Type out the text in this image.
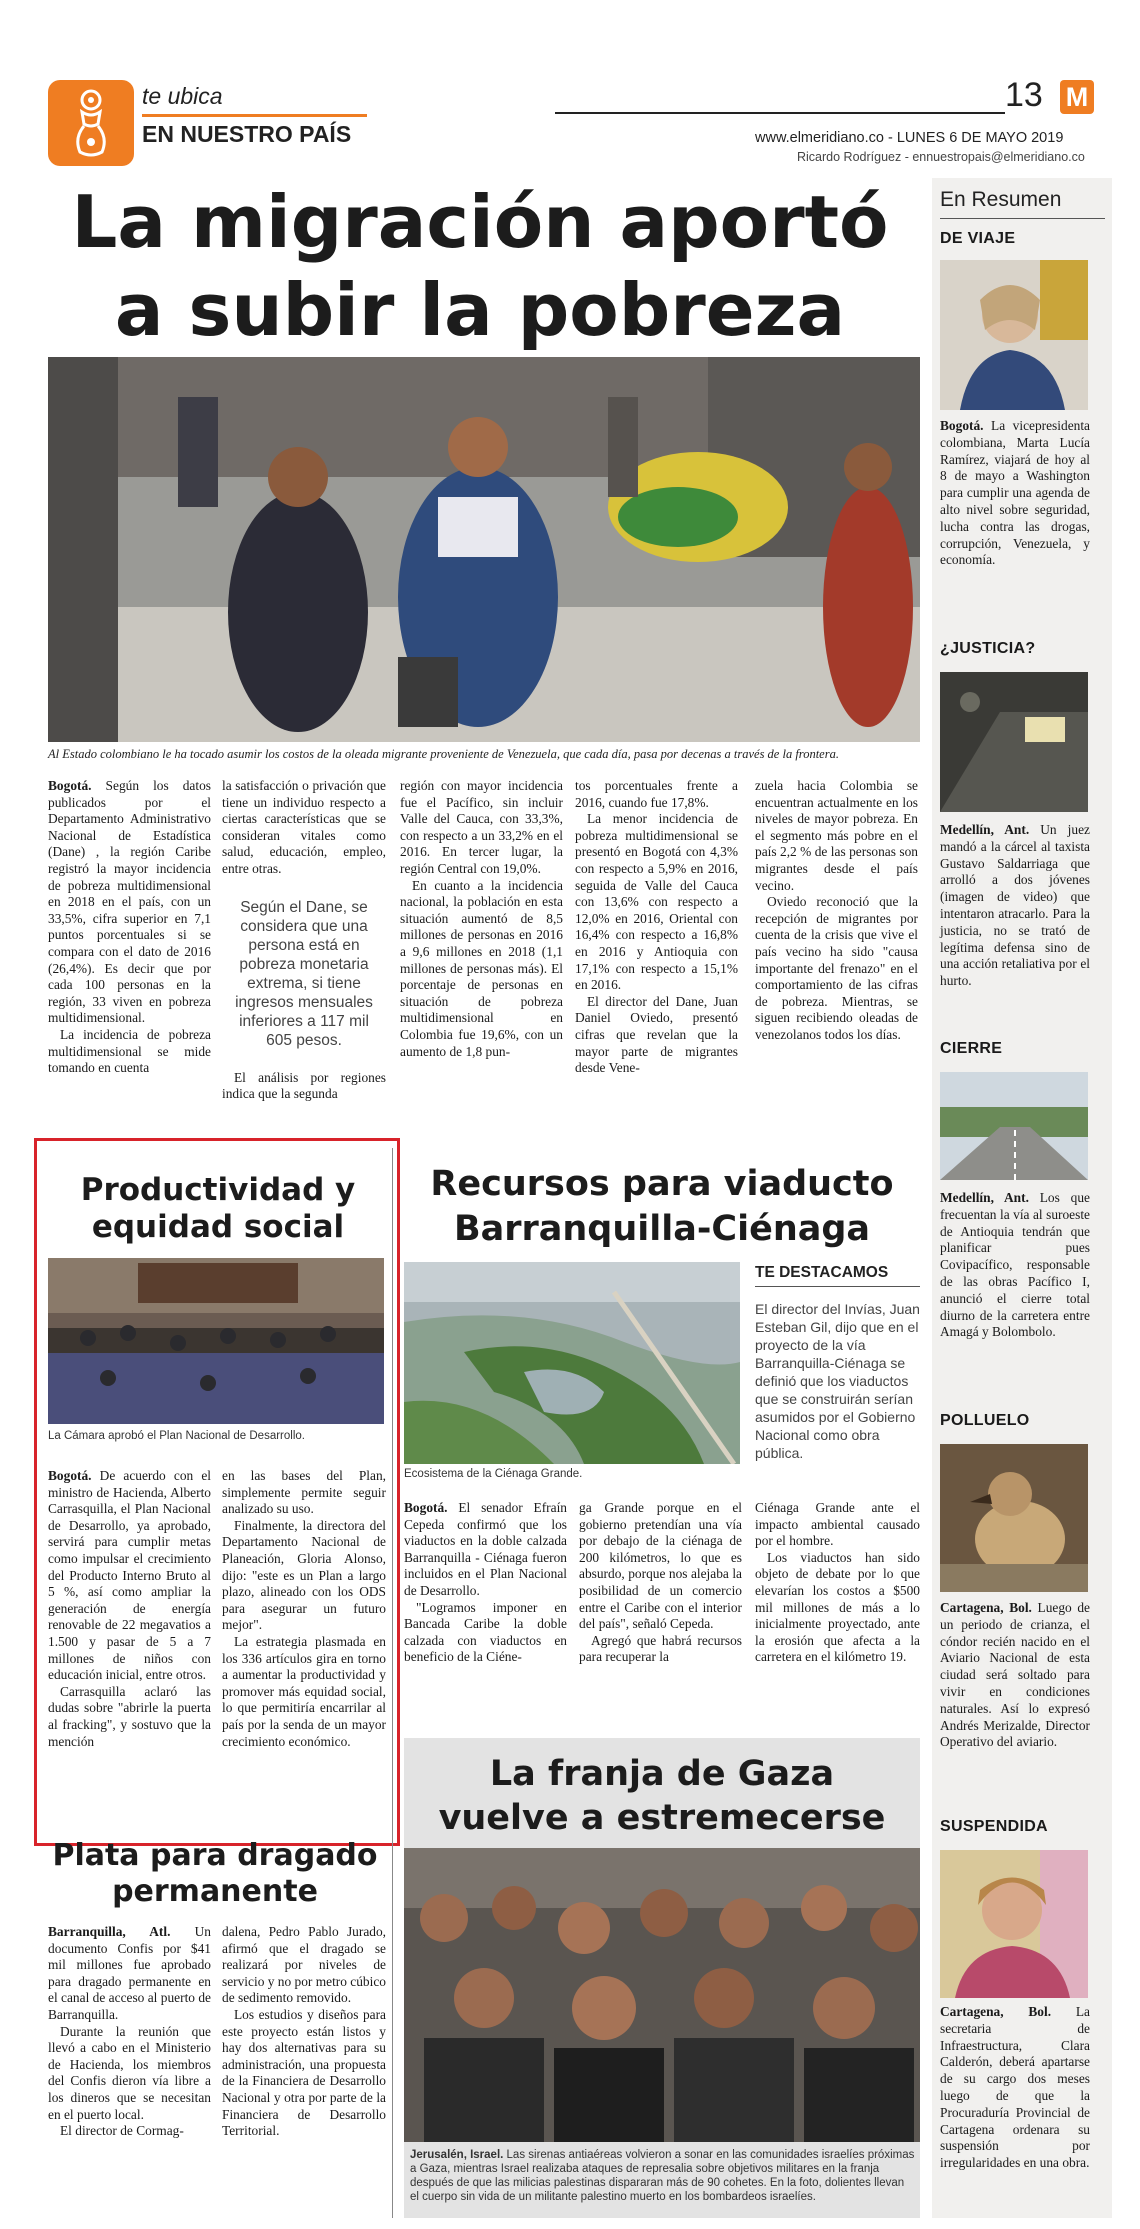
te ubica
EN NUESTRO PAÍS
13 M
www.elmeridiano.co - LUNES 6 DE MAYO 2019
Ricardo Rodríguez - ennuestropais@elmeridiano.co
La migración aportó
a subir la pobreza
Al Estado colombiano le ha tocado asumir los costos de la oleada migrante proveniente de Venezuela, que cada día, pasa por decenas a través de la frontera.

Bogotá. Según los datos publicados por el Departamento Administrativo Nacional de Estadística (Dane) , la región Caribe registró la mayor incidencia de pobreza multidimensional en 2018 en el país, con un 33,5%, cifra superior en 7,1 puntos porcentuales si se compara con el dato de 2016 (26,4%). Es decir que por cada 100 personas en la región, 33 viven en pobreza multidimensional.

La incidencia de pobreza multidimensional se mide tomando en cuenta

la satisfacción o privación que tiene un individuo respecto a ciertas características que se consideran vitales como salud, educación, empleo, entre otras.

Según el Dane, se considera que una persona está en pobreza monetaria extrema, si tiene ingresos mensuales inferiores a 117 mil 605 pesos.

El análisis por regiones indica que la segunda

región con mayor incidencia fue el Pacífico, sin incluir Valle del Cauca, con 33,3%, con respecto a un 33,2% en el 2016. En tercer lugar, la región Central con 19,0%.

En cuanto a la incidencia nacional, la población en esta situación aumentó de 8,5 millones de personas en 2016 a 9,6 millones en 2018 (1,1 millones de personas más). El porcentaje de personas en situación de pobreza multidimensional en Colombia fue 19,6%, con un aumento de 1,8 pun-

tos porcentuales frente a 2016, cuando fue 17,8%.

La menor incidencia de pobreza multidimensional se presentó en Bogotá con 4,3% con respecto a 5,9% en 2016, seguida de Valle del Cauca con 13,6% con respecto a 12,0% en 2016, Oriental con 16,4% con respecto a 16,8% en 2016 y Antioquia con 17,1% con respecto a 15,1% en 2016.

El director del Dane, Juan Daniel Oviedo, presentó cifras que revelan que la mayor parte de migrantes desde Vene-

zuela hacia Colombia se encuentran actualmente en los niveles de mayor pobreza. En el segmento más pobre en el país 2,2 % de las personas son migrantes desde el país vecino.

Oviedo reconoció que la recepción de migrantes por cuenta de la crisis que vive el país vecino ha sido "causa importante del frenazo" en el comportamiento de las cifras de pobreza. Mientras, se siguen recibiendo oleadas de venezolanos todos los días.

Productividad y
equidad social
La Cámara aprobó el Plan Nacional de Desarrollo.

Bogotá. De acuerdo con el ministro de Hacienda, Alberto Carrasquilla, el Plan Nacional de Desarrollo, ya aprobado, servirá para cumplir metas como impulsar el crecimiento del Producto Interno Bruto al 5 %, así como ampliar la generación de energía renovable de 22 megavatios a 1.500 y pasar de 5 a 7 millones de niños con educación inicial, entre otros.

Carrasquilla aclaró las dudas sobre "abrirle la puerta al fracking", y sostuvo que la mención

en las bases del Plan, simplemente permite seguir analizado su uso.

Finalmente, la directora del Departamento Nacional de Planeación, Gloria Alonso, dijo: "este es un Plan a largo plazo, alineado con los ODS para asegurar un futuro mejor".

La estrategia plasmada en los 336 artículos gira en torno a aumentar la productividad y promover más equidad social, lo que permitiría encarrilar al país por la senda de un mayor crecimiento económico.

Plata para dragado
permanente

Barranquilla, Atl. Un documento Confis por $41 mil millones fue aprobado para dragado permanente en el canal de acceso al puerto de Barranquilla.

Durante la reunión que llevó a cabo en el Ministerio de Hacienda, los miembros del Confis dieron vía libre a los dineros que se necesitan en el puerto local.

El director de Cormag-

dalena, Pedro Pablo Jurado, afirmó que el dragado se realizará por niveles de servicio y no por metro cúbico de sedimento removido.

Los estudios y diseños para este proyecto están listos y hay dos alternativas para su administración, una propuesta de la Financiera de Desarrollo Nacional y otra por parte de la Financiera de Desarrollo Territorial.

Recursos para viaducto
Barranquilla-Ciénaga
Ecosistema de la Ciénaga Grande.
TE DESTACAMOS
El director del Invías, Juan Esteban Gil, dijo que en el proyecto de la vía Barranquilla-Ciénaga se definió que los viaductos que se construirán serían asumidos por el Gobierno Nacional como obra pública.

Bogotá. El senador Efraín Cepeda confirmó que los viaductos en la doble calzada Barranquilla - Ciénaga fueron incluidos en el Plan Nacional de Desarrollo.

"Logramos imponer en Bancada Caribe la doble calzada con viaductos en beneficio de la Ciéne-

ga Grande porque en el gobierno pretendían una vía por debajo de la ciénaga de 200 kilómetros, lo que es absurdo, porque nos alejaba la posibilidad de un comercio entre el Caribe con el interior del país", señaló Cepeda.

Agregó que habrá recursos para recuperar la

Ciénaga Grande ante el impacto ambiental causado por el hombre.

Los viaductos han sido objeto de debate por lo que elevarían los costos a $500 mil millones de más a lo inicialmente proyectado, ante la erosión que afecta a la carretera en el kilómetro 19.

La franja de Gaza
vuelve a estremecerse
Jerusalén, Israel. Las sirenas antiaéreas volvieron a sonar en las comunidades israelíes próximas a Gaza, mientras Israel realizaba ataques de represalia sobre objetivos militares en la franja después de que las milicias palestinas dispararan más de 90 cohetes. En la foto, dolientes llevan el cuerpo sin vida de un militante palestino muerto en los bombardeos israelíes.
En Resumen
DE VIAJE
Bogotá. La vicepresidenta colombiana, Marta Lucía Ramírez, viajará de hoy al 8 de mayo a Washington para cumplir una agenda de alto nivel sobre seguridad, lucha contra las drogas, corrupción, Venezuela, y economía.
¿JUSTICIA?
Medellín, Ant. Un juez mandó a la cárcel al taxista Gustavo Saldarriaga que arrolló a dos jóvenes (imagen de video) que intentaron atracarlo. Para la justicia, no se trató de legítima defensa sino de una acción retaliativa por el hurto.
CIERRE
Medellín, Ant. Los que frecuentan la vía al suroeste de Antioquia tendrán que planificar pues Covipacífico, responsable de las obras Pacífico I, anunció el cierre total diurno de la carretera entre Amagá y Bolombolo.
POLLUELO
Cartagena, Bol. Luego de un periodo de crianza, el cóndor recién nacido en el Aviario Nacional de esta ciudad será soltado para vivir en condiciones naturales. Así lo expresó Andrés Merizalde, Director Operativo del aviario.
SUSPENDIDA
Cartagena, Bol. La secretaria de Infraestructura, Clara Calderón, deberá apartarse de su cargo dos meses luego de que la Procuraduría Provincial de Cartagena ordenara su suspensión por irregularidades en una obra.
